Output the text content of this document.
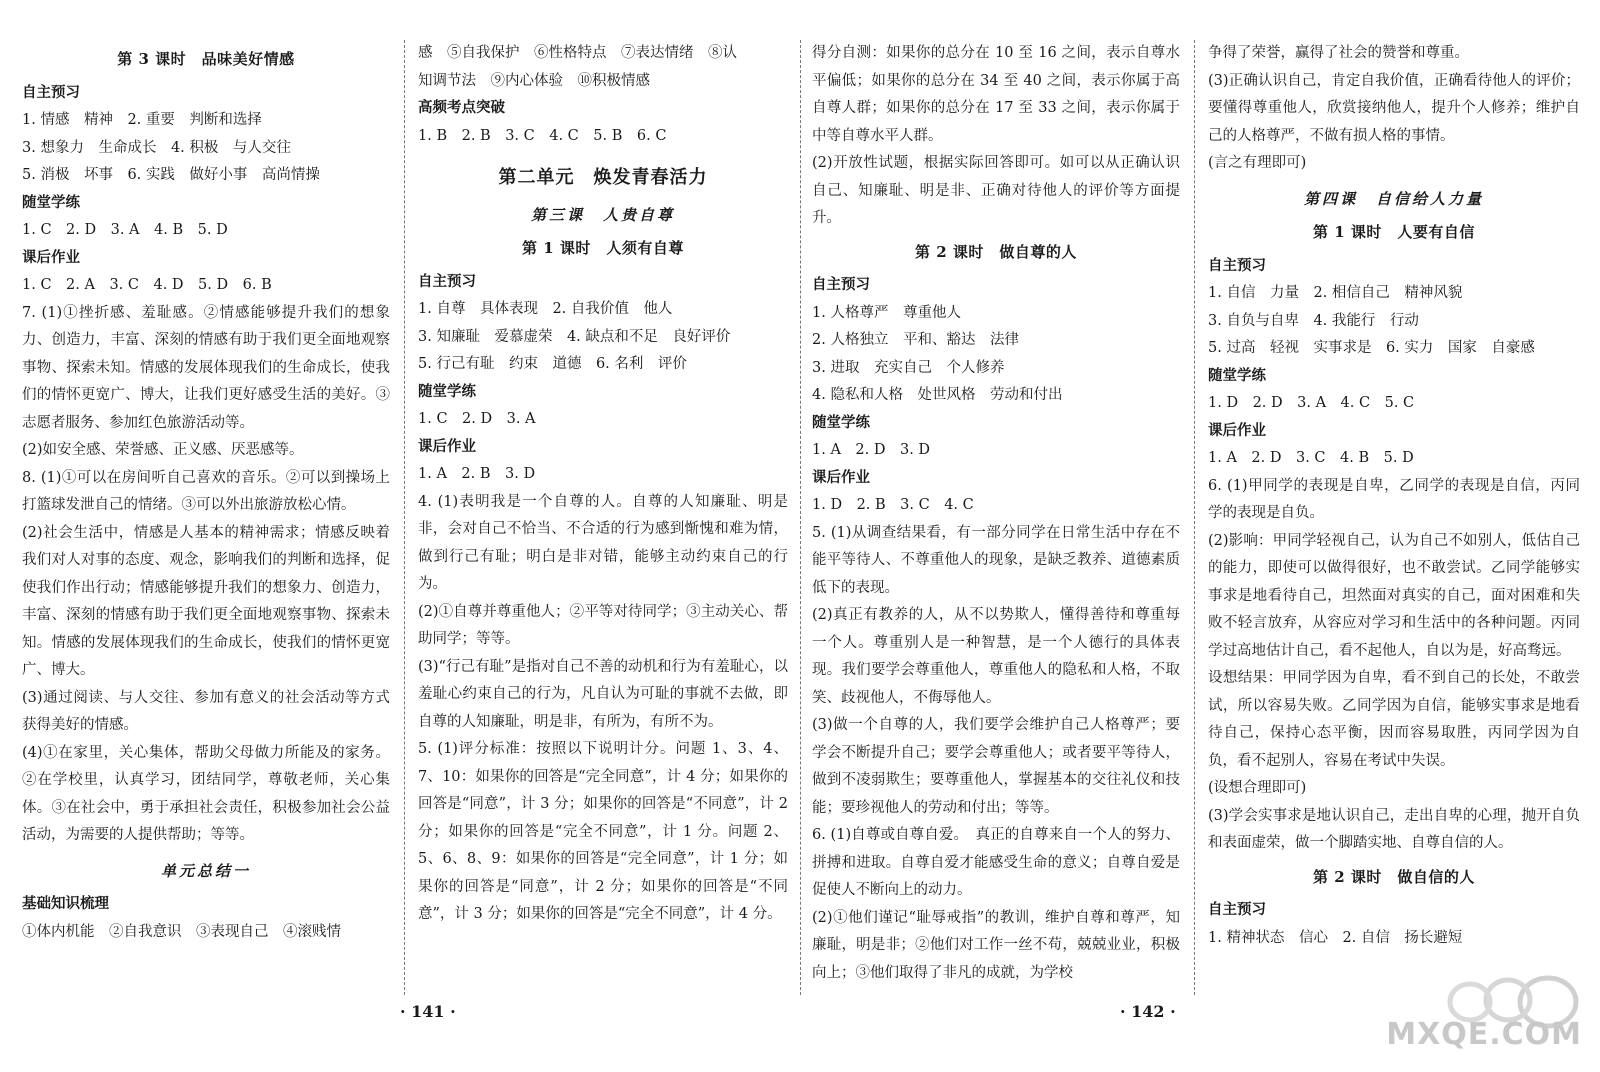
第 3 课时　品味美好情感
自主预习
1. 情感　精神　2. 重要　判断和选择
3. 想象力　生命成长　4. 积极　与人交往
5. 消极　坏事　6. 实践　做好小事　高尚情操
随堂学练
1. C　2. D　3. A　4. B　5. D
课后作业
1. C　2. A　3. C　4. D　5. D　6. B
7. (1)①挫折感、羞耻感。②情感能够提升我们的想象力、创造力，丰富、深刻的情感有助于我们更全面地观察事物、探索未知。情感的发展体现我们的生命成长，使我们的情怀更宽广、博大，让我们更好感受生活的美好。③志愿者服务、参加红色旅游活动等。
(2)如安全感、荣誉感、正义感、厌恶感等。
8. (1)①可以在房间听自己喜欢的音乐。②可以到操场上打篮球发泄自己的情绪。③可以外出旅游放松心情。
(2)社会生活中，情感是人基本的精神需求；情感反映着我们对人对事的态度、观念，影响我们的判断和选择，促使我们作出行动；情感能够提升我们的想象力、创造力，丰富、深刻的情感有助于我们更全面地观察事物、探索未知。情感的发展体现我们的生命成长，使我们的情怀更宽广、博大。
(3)通过阅读、与人交往、参加有意义的社会活动等方式获得美好的情感。
(4)①在家里，关心集体，帮助父母做力所能及的家务。②在学校里，认真学习，团结同学，尊敬老师，关心集体。③在社会中，勇于承担社会责任，积极参加社会公益活动，为需要的人提供帮助；等等。
单元总结一
基础知识梳理
①体内机能　②自我意识　③表现自己　④滚贱情
感　⑤自我保护　⑥性格特点　⑦表达情绪　⑧认
知调节法　⑨内心体验　⑩积极情感
高频考点突破
1. B　2. B　3. C　4. C　5. B　6. C
第二单元　焕发青春活力
第三课　人贵自尊
第 1 课时　人须有自尊
自主预习
1. 自尊　具体表现　2. 自我价值　他人
3. 知廉耻　爱慕虚荣　4. 缺点和不足　良好评价
5. 行己有耻　约束　道德　6. 名利　评价
随堂学练
1. C　2. D　3. A
课后作业
1. A　2. B　3. D
4. (1)表明我是一个自尊的人。自尊的人知廉耻、明是非，会对自己不恰当、不合适的行为感到惭愧和难为情，做到行己有耻；明白是非对错，能够主动约束自己的行为。
(2)①自尊并尊重他人；②平等对待同学；③主动关心、帮助同学；等等。
(3)“行己有耻”是指对自己不善的动机和行为有羞耻心，以羞耻心约束自己的行为，凡自认为可耻的事就不去做，即自尊的人知廉耻，明是非，有所为，有所不为。
5. (1)评分标准：按照以下说明计分。问题 1、3、4、7、10：如果你的回答是“完全同意”，计 4 分；如果你的回答是“同意”，计 3 分；如果你的回答是“不同意”，计 2 分；如果你的回答是“完全不同意”，计 1 分。问题 2、5、6、8、9：如果你的回答是“完全同意”，计 1 分；如果你的回答是“同意”，计 2 分；如果你的回答是“不同意”，计 3 分；如果你的回答是“完全不同意”，计 4 分。
得分自测：如果你的总分在 10 至 16 之间，表示自尊水平偏低；如果你的总分在 34 至 40 之间，表示你属于高自尊人群；如果你的总分在 17 至 33 之间，表示你属于中等自尊水平人群。
(2)开放性试题，根据实际回答即可。如可以从正确认识自己、知廉耻、明是非、正确对待他人的评价等方面提升。
第 2 课时　做自尊的人
自主预习
1. 人格尊严　尊重他人
2. 人格独立　平和、豁达　法律
3. 进取　充实自己　个人修养
4. 隐私和人格　处世风格　劳动和付出
随堂学练
1. A　2. D　3. D
课后作业
1. D　2. B　3. C　4. C
5. (1)从调查结果看，有一部分同学在日常生活中存在不能平等待人、不尊重他人的现象，是缺乏教养、道德素质低下的表现。
(2)真正有教养的人，从不以势欺人，懂得善待和尊重每一个人。尊重别人是一种智慧，是一个人德行的具体表现。我们要学会尊重他人，尊重他人的隐私和人格，不取笑、歧视他人，不侮辱他人。
(3)做一个自尊的人，我们要学会维护自己人格尊严；要学会不断提升自己；要学会尊重他人；或者要平等待人，做到不凌弱欺生；要尊重他人，掌握基本的交往礼仪和技能；要珍视他人的劳动和付出；等等。
6. (1)自尊或自尊自爱。　真正的自尊来自一个人的努力、拼搏和进取。自尊自爱才能感受生命的意义；自尊自爱是促使人不断向上的动力。
(2)①他们谨记“耻辱戒指”的教训，维护自尊和尊严，知廉耻，明是非；②他们对工作一丝不苟，兢兢业业，积极向上；③他们取得了非凡的成就，为学校
争得了荣誉，赢得了社会的赞誉和尊重。
(3)正确认识自己，肯定自我价值，正确看待他人的评价；要懂得尊重他人，欣赏接纳他人，提升个人修养；维护自己的人格尊严，不做有损人格的事情。
(言之有理即可)
第四课　自信给人力量
第 1 课时　人要有自信
自主预习
1. 自信　力量　2. 相信自己　精神风貌
3. 自负与自卑　4. 我能行　行动
5. 过高　轻视　实事求是　6. 实力　国家　自豪感
随堂学练
1. D　2. D　3. A　4. C　5. C
课后作业
1. A　2. D　3. C　4. B　5. D
6. (1)甲同学的表现是自卑，乙同学的表现是自信，丙同学的表现是自负。
(2)影响：甲同学轻视自己，认为自己不如别人，低估自己的能力，即使可以做得很好，也不敢尝试。乙同学能够实事求是地看待自己，坦然面对真实的自己，面对困难和失败不轻言放弃，从容应对学习和生活中的各种问题。丙同学过高地估计自己，看不起他人，自以为是，好高骛远。
设想结果：甲同学因为自卑，看不到自己的长处，不敢尝试，所以容易失败。乙同学因为自信，能够实事求是地看待自己，保持心态平衡，因而容易取胜，丙同学因为自负，看不起别人，容易在考试中失误。
(设想合理即可)
(3)学会实事求是地认识自己，走出自卑的心理，抛开自负和表面虚荣，做一个脚踏实地、自尊自信的人。
第 2 课时　做自信的人
自主预习
1. 精神状态　信心　2. 自信　扬长避短
· 141 ·	· 142 ·
MXQE.COM
